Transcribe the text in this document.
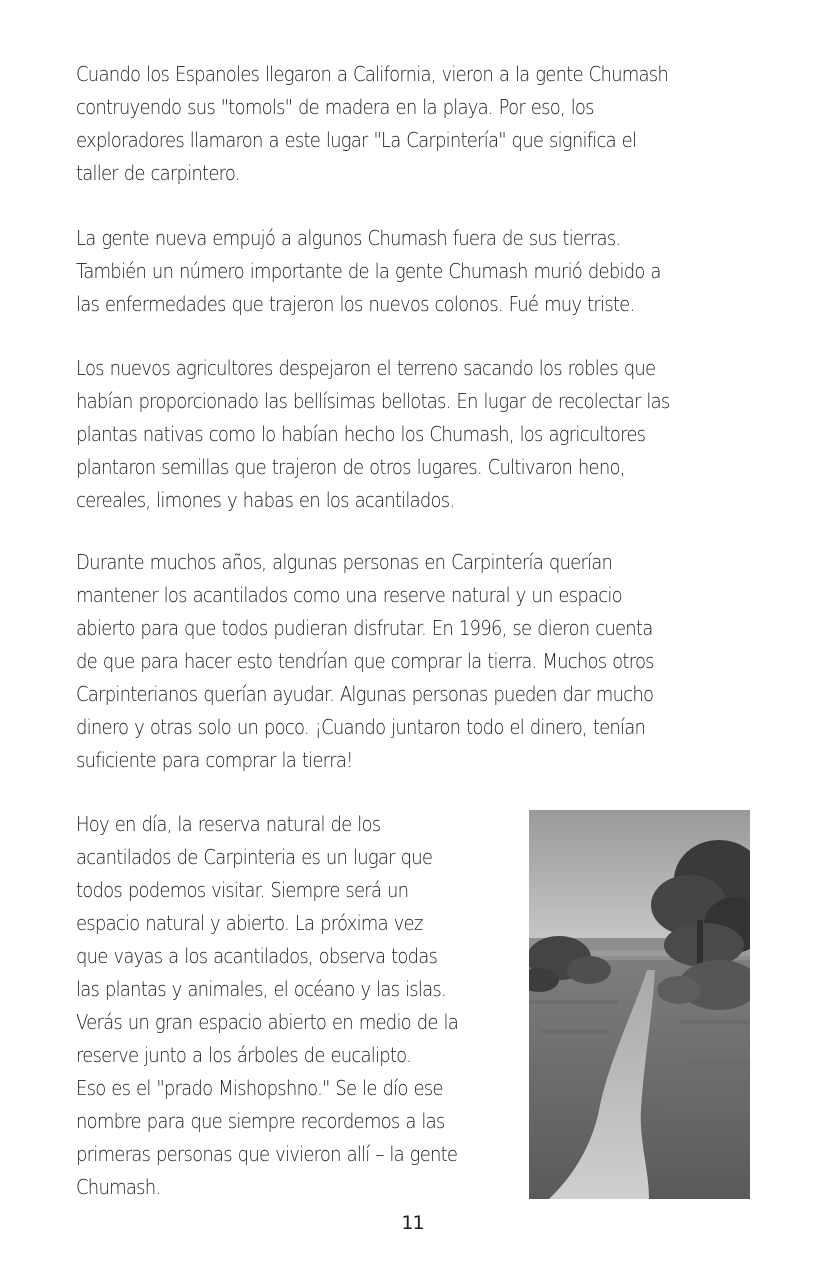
Cuando los Espanoles llegaron a California, vieron a la gente Chumash
contruyendo sus "tomols" de madera en la playa. Por eso, los
exploradores llamaron a este lugar "La Carpintería" que significa el
taller de carpintero.
La gente nueva empujó a algunos Chumash fuera de sus tierras.
También un número importante de la gente Chumash murió debido a
las enfermedades que trajeron los nuevos colonos. Fué muy triste.
Los nuevos agricultores despejaron el terreno sacando los robles que
habían proporcionado las bellísimas bellotas. En lugar de recolectar las
plantas nativas como lo habían hecho los Chumash, los agricultores
plantaron semillas que trajeron de otros lugares. Cultivaron heno,
cereales, limones y habas en los acantilados.
Durante muchos años, algunas personas en Carpintería querían
mantener los acantilados como una reserve natural y un espacio
abierto para que todos pudieran disfrutar. En 1996, se dieron cuenta
de que para hacer esto tendrían que comprar la tierra. Muchos otros
Carpinterianos querían ayudar. Algunas personas pueden dar mucho
dinero y otras solo un poco. ¡Cuando juntaron todo el dinero, tenían
suficiente para comprar la tierra!
Hoy en día, la reserva natural de los
acantilados de Carpinteria es un lugar que
todos podemos visitar. Siempre será un
espacio natural y abierto. La próxima vez
que vayas a los acantilados, observa todas
las plantas y animales, el océano y las islas.
Verás un gran espacio abierto en medio de la
reserve junto a los árboles de eucalipto.
Eso es el "prado Mishopshno." Se le dío ese
nombre para que siempre recordemos a las
primeras personas que vivieron allí – la gente
Chumash.
11
